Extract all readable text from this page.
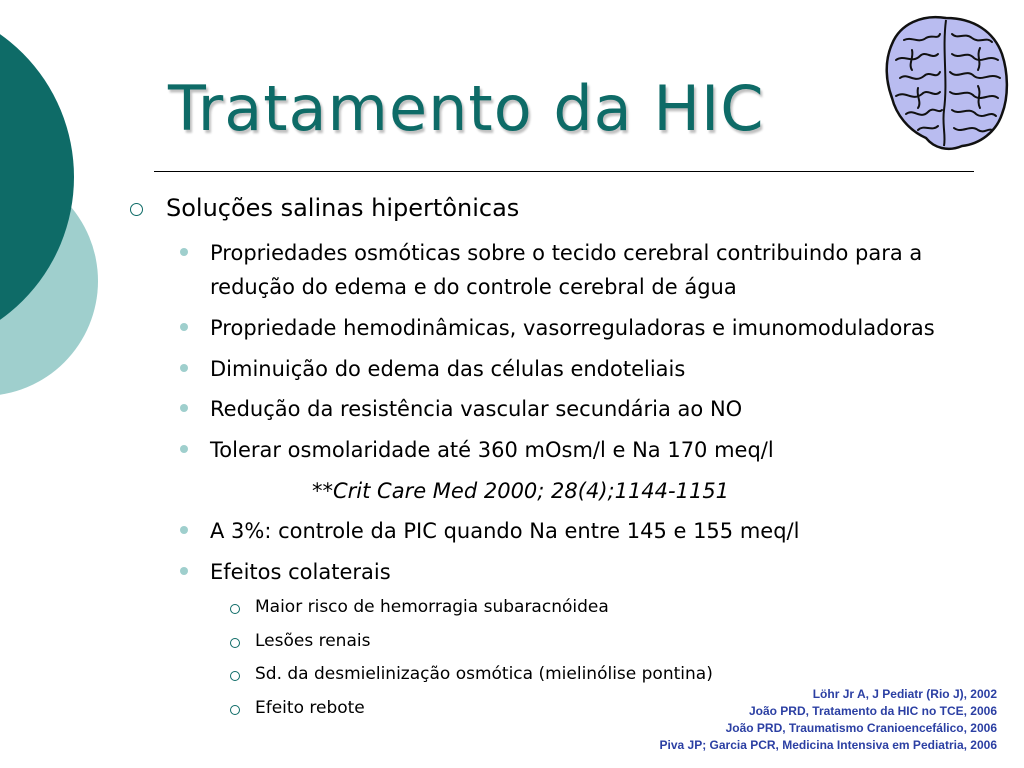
Tratamento da HIC
Soluções salinas hipertônicas
Propriedades osmóticas sobre o tecido cerebral contribuindo para a
redução do edema e do controle cerebral de água
Propriedade hemodinâmicas, vasorreguladoras e imunomoduladoras
Diminuição do edema das células endoteliais
Redução da resistência vascular secundária ao NO
Tolerar osmolaridade até 360 mOsm/l e Na 170 meq/l
**Crit Care Med 2000; 28(4);1144-1151
A 3%: controle da PIC quando Na entre 145 e 155 meq/l
Efeitos colaterais
Maior risco de hemorragia subaracnóidea
Lesões renais
Sd. da desmielinização osmótica (mielinólise pontina)
Efeito rebote
Löhr Jr A, J Pediatr (Rio J), 2002
João PRD, Tratamento da HIC no TCE, 2006
João PRD, Traumatismo Cranioencefálico, 2006
Piva JP; Garcia PCR, Medicina Intensiva em Pediatria, 2006
